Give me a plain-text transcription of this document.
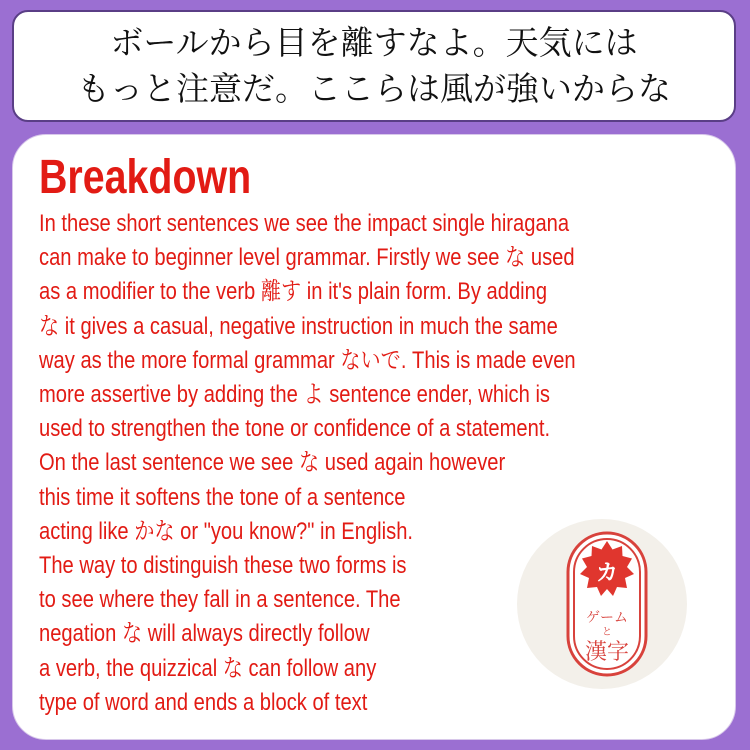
ボールから目を離すなよ。天気には
もっと注意だ。ここらは風が強いからな
Breakdown
In these short sentences we see the impact single hiragana
can make to beginner level grammar. Firstly we see な used
as a modifier to the verb 離す in it's plain form. By adding
な it gives a casual, negative instruction in much the same
way as the more formal grammar ないで. This is made even
more assertive by adding the よ sentence ender, which is
used to strengthen the tone or confidence of a statement.
On the last sentence we see な used again however
this time it softens the tone of a sentence
acting like かな or "you know?" in English.
The way to distinguish these two forms is
to see where they fall in a sentence. The
negation な will always directly follow
a verb, the quizzical な can follow any
type of word and ends a block of text
カ
ゲーム
と
漢字
